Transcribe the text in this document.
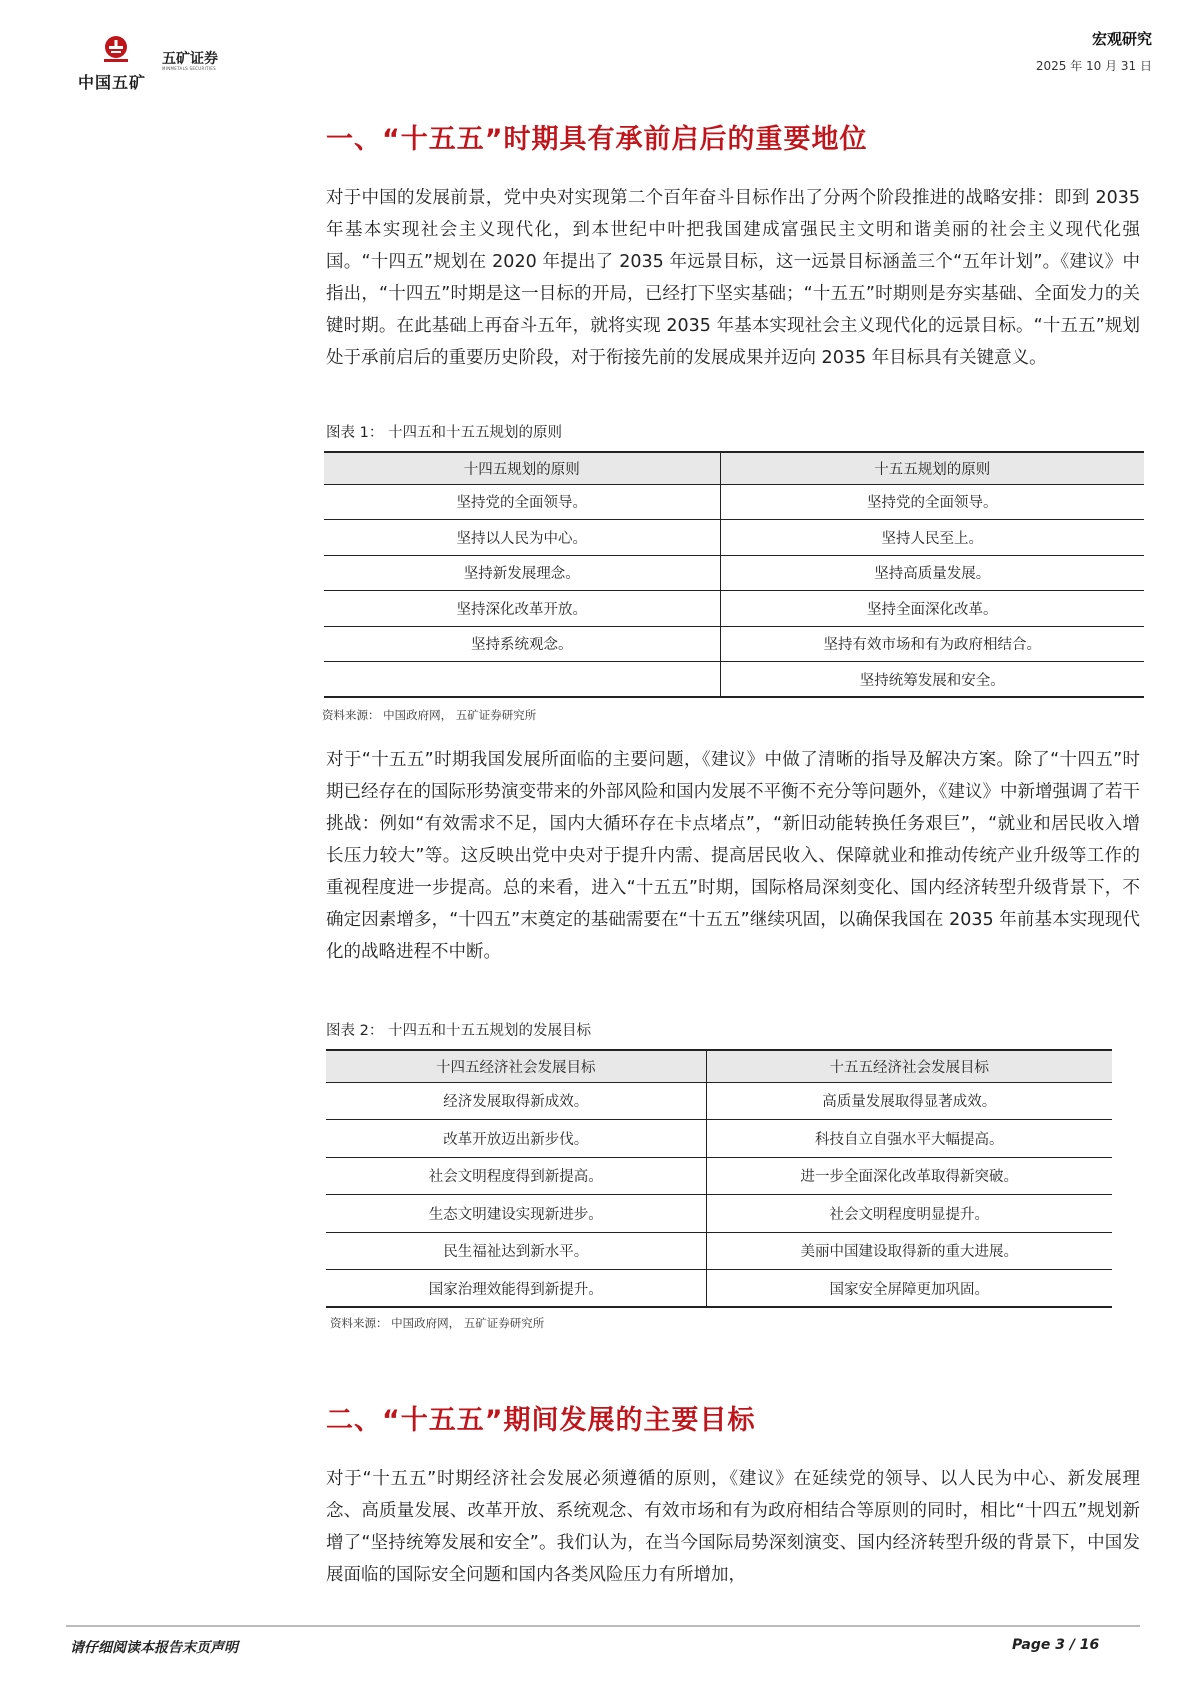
中国五矿
五矿证券
MINMETALS SECURITIES
宏观研究
2025 年 10 月 31 日
一、“十五五”时期具有承前启后的重要地位

对于中国的发展前景，党中央对实现第二个百年奋斗目标作出了分两个阶段推进的战略安排：即到 2035 年基本实现社会主义现代化，到本世纪中叶把我国建成富强民主文明和谐美丽的社会主义现代化强国。“十四五”规划在 2020 年提出了 2035 年远景目标，这一远景目标涵盖三个“五年计划”。《建议》中指出，“十四五”时期是这一目标的开局，已经打下坚实基础；“十五五”时期则是夯实基础、全面发力的关键时期。在此基础上再奋斗五年，就将实现 2035 年基本实现社会主义现代化的远景目标。“十五五”规划处于承前启后的重要历史阶段，对于衔接先前的发展成果并迈向 2035 年目标具有关键意义。

图表 1： 十四五和十五五规划的原则
十四五规划的原则	十五五规划的原则
坚持党的全面领导。	坚持党的全面领导。
坚持以人民为中心。	坚持人民至上。
坚持新发展理念。	坚持高质量发展。
坚持深化改革开放。	坚持全面深化改革。
坚持系统观念。	坚持有效市场和有为政府相结合。
	坚持统筹发展和安全。
资料来源： 中国政府网， 五矿证券研究所

对于“十五五”时期我国发展所面临的主要问题，《建议》中做了清晰的指导及解决方案。除了“十四五”时期已经存在的国际形势演变带来的外部风险和国内发展不平衡不充分等问题外，《建议》中新增强调了若干挑战：例如“有效需求不足，国内大循环存在卡点堵点”，“新旧动能转换任务艰巨”，“就业和居民收入增长压力较大”等。这反映出党中央对于提升内需、提高居民收入、保障就业和推动传统产业升级等工作的重视程度进一步提高。总的来看，进入“十五五”时期，国际格局深刻变化、国内经济转型升级背景下，不确定因素增多，“十四五”末奠定的基础需要在“十五五”继续巩固，以确保我国在 2035 年前基本实现现代化的战略进程不中断。

图表 2： 十四五和十五五规划的发展目标
十四五经济社会发展目标	十五五经济社会发展目标
经济发展取得新成效。	高质量发展取得显著成效。
改革开放迈出新步伐。	科技自立自强水平大幅提高。
社会文明程度得到新提高。	进一步全面深化改革取得新突破。
生态文明建设实现新进步。	社会文明程度明显提升。
民生福祉达到新水平。	美丽中国建设取得新的重大进展。
国家治理效能得到新提升。	国家安全屏障更加巩固。
资料来源： 中国政府网， 五矿证券研究所
二、“十五五”期间发展的主要目标

对于“十五五”时期经济社会发展必须遵循的原则，《建议》在延续党的领导、以人民为中心、新发展理念、高质量发展、改革开放、系统观念、有效市场和有为政府相结合等原则的同时，相比“十四五”规划新增了“坚持统筹发展和安全”。我们认为，在当今国际局势深刻演变、国内经济转型升级的背景下，中国发展面临的国际安全问题和国内各类风险压力有所增加，

请仔细阅读本报告末页声明	Page 3 / 16
